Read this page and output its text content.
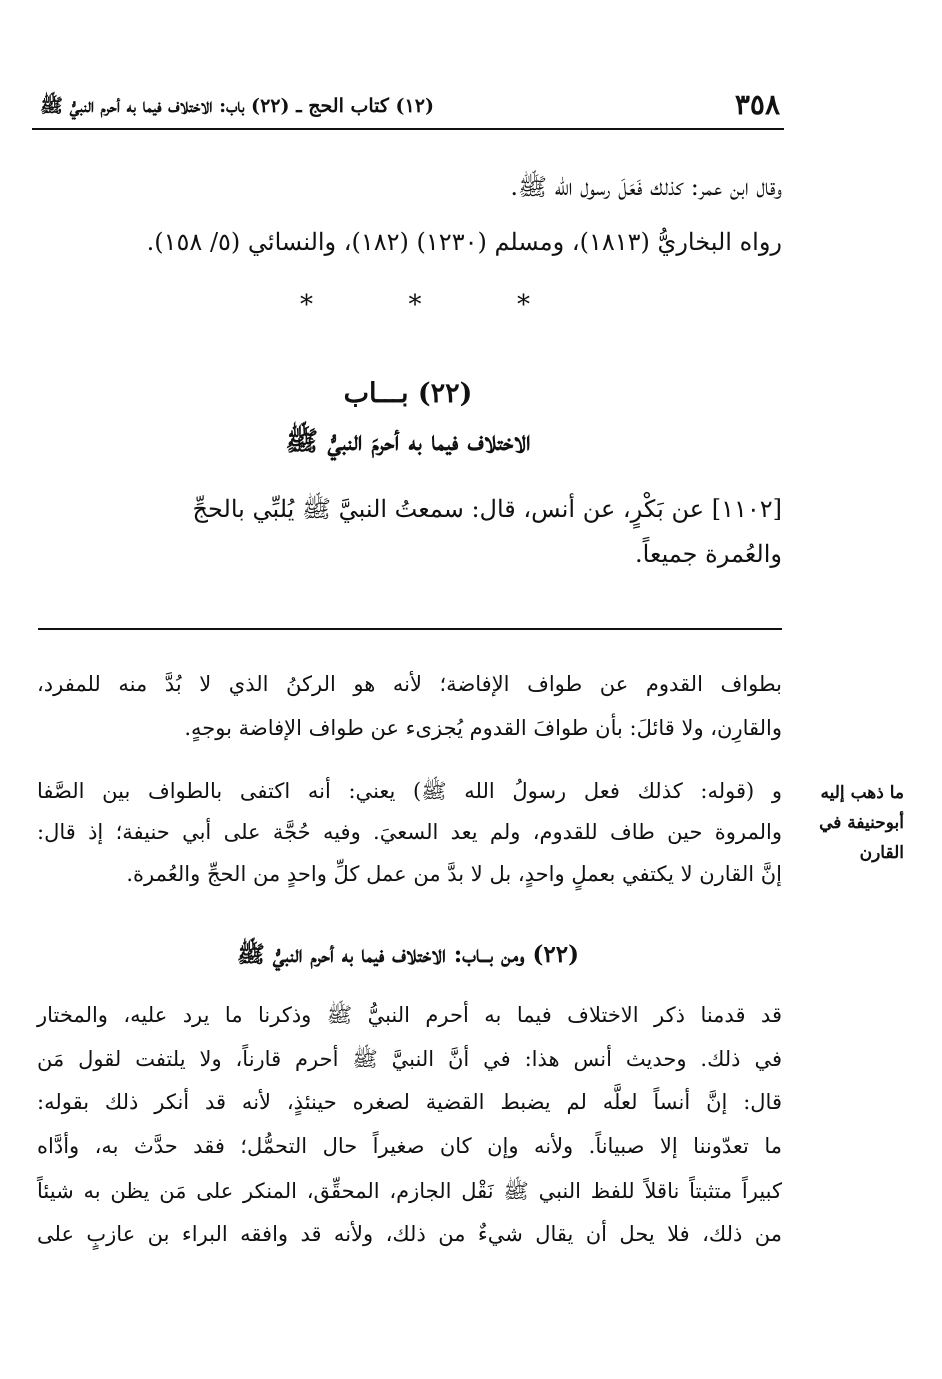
٣٥٨
(١٢) كتاب الحج ـ (٢٢) باب: الاختلاف فيما به أحرم النبيُّ ﷺ
وقال ابن عمر: كذلك فَعَلَ رسول الله ﷺ.
رواه البخاريُّ (١٨١٣)، ومسلم (١٢٣٠) (١٨٢)، والنسائي (٥/ ١٥٨).
*
*
*
(٢٢) بـــاب
الاختلاف فيما به أحرمَ النبيُّ ﷺ
[١١٠٢] عن بَكْرٍ، عن أنس، قال: سمعتُ النبيَّ ﷺ يُلبِّي بالحجِّ
والعُمرة جميعاً.
بطواف القدوم عن طواف الإفاضة؛ لأنه هو الركنُ الذي لا بُدَّ منه للمفرد،
والقارِن، ولا قائلَ: بأن طوافَ القدوم يُجزىء عن طواف الإفاضة بوجهٍ.
و (قوله: كذلك فعل رسولُ الله ﷺ) يعني: أنه اكتفى بالطواف بين الصَّفا
والمروة حين طاف للقدوم، ولم يعد السعيَ. وفيه حُجَّة على أبي حنيفة؛ إذ قال:
إنَّ القارن لا يكتفي بعملٍ واحدٍ، بل لا بدَّ من عمل كلِّ واحدٍ من الحجِّ والعُمرة.
ما ذهب إليه
أبوحنيفة في
القارن
(٢٢) ومن بـــاب: الاختلاف فيما به أحرم النبيُّ ﷺ
قد قدمنا ذكر الاختلاف فيما به أحرم النبيُّ ﷺ وذكرنا ما يرد عليه، والمختار
في ذلك. وحديث أنس هذا: في أنَّ النبيَّ ﷺ أحرم قارناً، ولا يلتفت لقول مَن
قال: إنَّ أنساً لعلَّه لم يضبط القضية لصغره حينئذٍ، لأنه قد أنكر ذلك بقوله:
ما تعدّوننا إلا صبياناً. ولأنه وإن كان صغيراً حال التحمُّل؛ فقد حدَّث به، وأدَّاه
كبيراً متثبتاً ناقلاً للفظ النبي ﷺ نَقْل الجازم، المحقِّق، المنكر على مَن يظن به شيئاً
من ذلك، فلا يحل أن يقال شيءٌ من ذلك، ولأنه قد وافقه البراء بن عازبٍ على
